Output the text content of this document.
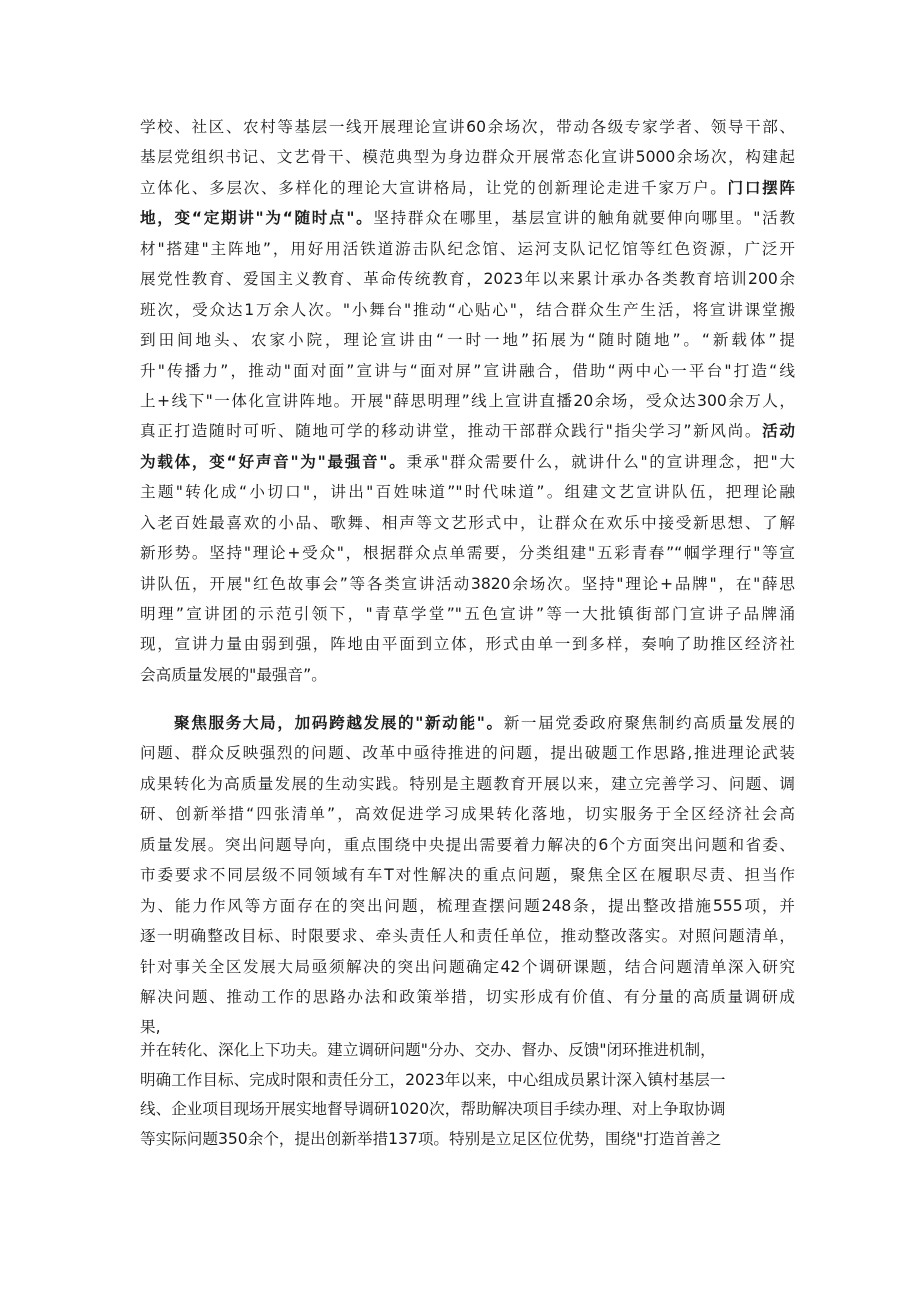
学校、社区、农村等基层一线开展理论宣讲60余场次，带动各级专家学者、领导干部、
基层党组织书记、文艺骨干、模范典型为身边群众开展常态化宣讲5000余场次，构建起
立体化、多层次、多样化的理论大宣讲格局，让党的创新理论走进千家万户。门口摆阵
地，变“定期讲"为“随时点"。坚持群众在哪里，基层宣讲的触角就要伸向哪里。"活教
材"搭建"主阵地”，用好用活铁道游击队纪念馆、运河支队记忆馆等红色资源，广泛开
展党性教育、爱国主义教育、革命传统教育，2023年以来累计承办各类教育培训200余
班次，受众达1万余人次。"小舞台"推动“心贴心"，结合群众生产生活，将宣讲课堂搬
到田间地头、农家小院，理论宣讲由“一时一地”拓展为“随时随地”。“新载体”提
升"传播力”，推动"面对面”宣讲与“面对屏”宣讲融合，借助“两中心一平台"打造“线
上+线下"一体化宣讲阵地。开展"薛思明理”线上宣讲直播20余场，受众达300余万人，
真正打造随时可听、随地可学的移动讲堂，推动干部群众践行"指尖学习”新风尚。活动
为载体，变“好声音"为"最强音"。秉承"群众需要什么，就讲什么"的宣讲理念，把"大
主题"转化成“小切口"，讲出"百姓味道”"时代味道”。组建文艺宣讲队伍，把理论融
入老百姓最喜欢的小品、歌舞、相声等文艺形式中，让群众在欢乐中接受新思想、了解
新形势。坚持"理论+受众"，根据群众点单需要，分类组建"五彩青春”“帼学理行"等宣
讲队伍，开展"红色故事会”等各类宣讲活动3820余场次。坚持"理论+品牌"，在"薛思
明理”宣讲团的示范引领下，"青草学堂”"五色宣讲”等一大批镇街部门宣讲子品牌涌
现，宣讲力量由弱到强，阵地由平面到立体，形式由单一到多样，奏响了助推区经济社
会高质量发展的"最强音”。
聚焦服务大局，加码跨越发展的"新动能"。新一届党委政府聚焦制约高质量发展的
问题、群众反映强烈的问题、改革中亟待推进的问题，提出破题工作思路,推进理论武装
成果转化为高质量发展的生动实践。特别是主题教育开展以来，建立完善学习、问题、调
研、创新举措“四张清单”，高效促进学习成果转化落地，切实服务于全区经济社会高
质量发展。突出问题导向，重点围绕中央提出需要着力解决的6个方面突出问题和省委、
市委要求不同层级不同领域有车T对性解决的重点问题，聚焦全区在履职尽责、担当作
为、能力作风等方面存在的突出问题，梳理查摆问题248条，提出整改措施555项，并
逐一明确整改目标、时限要求、牵头责任人和责任单位，推动整改落实。对照问题清单，
针对事关全区发展大局亟须解决的突出问题确定42个调研课题，结合问题清单深入研究
解决问题、推动工作的思路办法和政策举措，切实形成有价值、有分量的高质量调研成
果,
并在转化、深化上下功夫。建立调研问题"分办、交办、督办、反馈"闭环推进机制，
明确工作目标、完成时限和责任分工，2023年以来，中心组成员累计深入镇村基层一
线、企业项目现场开展实地督导调研1020次，帮助解决项目手续办理、对上争取协调
等实际问题350余个，提出创新举措137项。特别是立足区位优势，围绕"打造首善之
